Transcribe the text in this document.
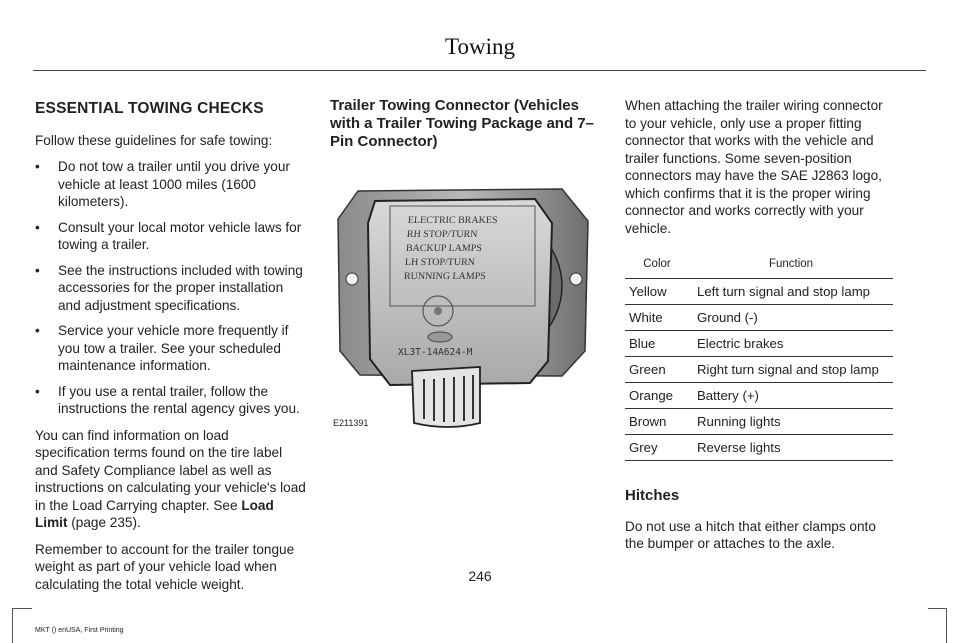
Towing
ESSENTIAL TOWING CHECKS

Follow these guidelines for safe towing:

• Do not tow a trailer until you drive your vehicle at least 1000 miles (1600 kilometers).
• Consult your local motor vehicle laws for towing a trailer.
• See the instructions included with towing accessories for the proper installation and adjustment specifications.
• Service your vehicle more frequently if you tow a trailer. See your scheduled maintenance information.
• If you use a rental trailer, follow the instructions the rental agency gives you.

You can find information on load specification terms found on the tire label and Safety Compliance label as well as instructions on calculating your vehicle's load in the Load Carrying chapter. See Load Limit (page 235).

Remember to account for the trailer tongue weight as part of your vehicle load when calculating the total vehicle weight.

Trailer Towing Connector (Vehicles with a Trailer Towing Package and 7–Pin Connector)
ELECTRIC BRAKES
RH STOP/TURN
BACKUP LAMPS
LH STOP/TURN
RUNNING LAMPS
XL3T-14A624-M
E211391

When attaching the trailer wiring connector to your vehicle, only use a proper fitting connector that works with the vehicle and trailer functions. Some seven-position connectors may have the SAE J2863 logo, which confirms that it is the proper wiring connector and works correctly with your vehicle.

Color	Function
Yellow	Left turn signal and stop lamp
White	Ground (-)
Blue	Electric brakes
Green	Right turn signal and stop lamp
Orange	Battery (+)
Brown	Running lights
Grey	Reverse lights
Hitches

Do not use a hitch that either clamps onto the bumper or attaches to the axle.

246
MKT () enUSA, First Printing
